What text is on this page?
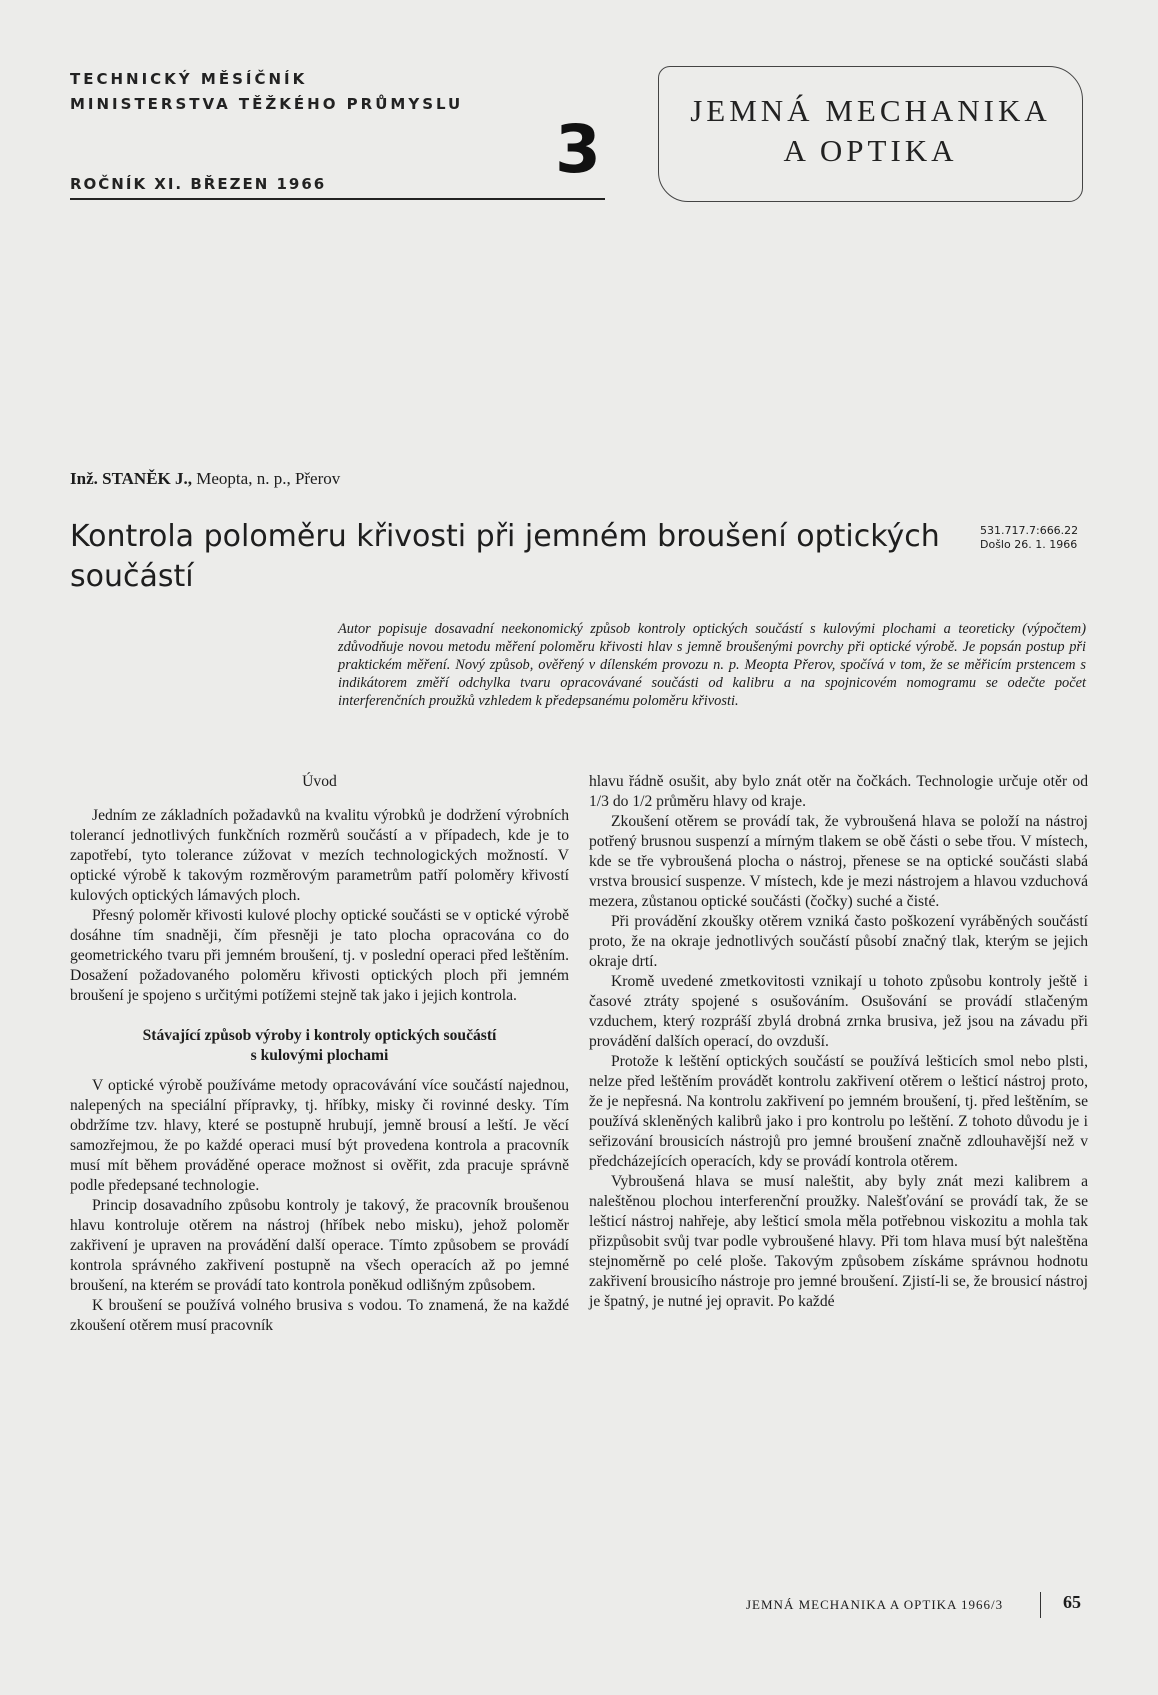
TECHNICKÝ MĚSÍČNÍK
MINISTERSTVA TĚŽKÉHO PRŮMYSLU
ROČNÍK XI. BŘEZEN 1966	3
JEMNÁ MECHANIKA
A OPTIKA
Inž. STANĚK J., Meopta, n. p., Přerov
Kontrola poloměru křivosti při jemném broušení optických součástí
531.717.7:666.22
Došlo 26. 1. 1966

Autor popisuje dosavadní neekonomický způsob kontroly optických součástí s kulovými plochami a teoreticky (výpočtem) zdůvodňuje novou metodu měření poloměru křivosti hlav s jemně broušenými povrchy při optické výrobě. Je popsán postup při praktickém měření. Nový způsob, ověřený v dílenském provozu n. p. Meopta Přerov, spočívá v tom, že se měřicím prstencem s indikátorem změří odchylka tvaru opracovávané součásti od kalibru a na spojnicovém nomogramu se odečte počet interferenčních proužků vzhledem k předepsanému poloměru křivosti.

Úvod

Jedním ze základních požadavků na kvalitu výrobků je dodržení výrobních tolerancí jednotlivých funkčních rozměrů součástí a v případech, kde je to zapotřebí, tyto tolerance zúžovat v mezích technologických možností. V optické výrobě k takovým rozměrovým parametrům patří poloměry křivostí kulových optických lámavých ploch.

Přesný poloměr křivosti kulové plochy optické součásti se v optické výrobě dosáhne tím snadněji, čím přesněji je tato plocha opracována co do geometrického tvaru při jemném broušení, tj. v poslední operaci před leštěním. Dosažení požadovaného poloměru křivosti optických ploch při jemném broušení je spojeno s určitými potížemi stejně tak jako i jejich kontrola.

Stávající způsob výroby i kontroly optických součástí
s kulovými plochami

V optické výrobě používáme metody opracovávání více součástí najednou, nalepených na speciální přípravky, tj. hříbky, misky či rovinné desky. Tím obdržíme tzv. hlavy, které se postupně hrubují, jemně brousí a leští. Je věcí samozřejmou, že po každé operaci musí být provedena kontrola a pracovník musí mít během prováděné operace možnost si ověřit, zda pracuje správně podle předepsané technologie.

Princip dosavadního způsobu kontroly je takový, že pracovník broušenou hlavu kontroluje otěrem na nástroj (hříbek nebo misku), jehož poloměr zakřivení je upraven na provádění další operace. Tímto způsobem se provádí kontrola správného zakřivení postupně na všech operacích až po jemné broušení, na kterém se provádí tato kontrola poněkud odlišným způsobem.

K broušení se používá volného brusiva s vodou. To znamená, že na každé zkoušení otěrem musí pracovník

hlavu řádně osušit, aby bylo znát otěr na čočkách. Technologie určuje otěr od 1/3 do 1/2 průměru hlavy od kraje.

Zkoušení otěrem se provádí tak, že vybroušená hlava se položí na nástroj potřený brusnou suspenzí a mírným tlakem se obě části o sebe třou. V místech, kde se tře vybroušená plocha o nástroj, přenese se na optické součásti slabá vrstva brousicí suspenze. V místech, kde je mezi nástrojem a hlavou vzduchová mezera, zůstanou optické součásti (čočky) suché a čisté.

Při provádění zkoušky otěrem vzniká často poškození vyráběných součástí proto, že na okraje jednotlivých součástí působí značný tlak, kterým se jejich okraje drtí.

Kromě uvedené zmetkovitosti vznikají u tohoto způsobu kontroly ještě i časové ztráty spojené s osušováním. Osušování se provádí stlačeným vzduchem, který rozpráší zbylá drobná zrnka brusiva, jež jsou na závadu při provádění dalších operací, do ovzduší.

Protože k leštění optických součástí se používá lešticích smol nebo plsti, nelze před leštěním provádět kontrolu zakřivení otěrem o lešticí nástroj proto, že je nepřesná. Na kontrolu zakřivení po jemném broušení, tj. před leštěním, se používá skleněných kalibrů jako i pro kontrolu po leštění. Z tohoto důvodu je i seřizování brousicích nástrojů pro jemné broušení značně zdlouhavější než v předcházejících operacích, kdy se provádí kontrola otěrem.

Vybroušená hlava se musí naleštit, aby byly znát mezi kalibrem a naleštěnou plochou interferenční proužky. Nalešťování se provádí tak, že se lešticí nástroj nahřeje, aby lešticí smola měla potřebnou viskozitu a mohla tak přizpůsobit svůj tvar podle vybroušené hlavy. Při tom hlava musí být naleštěna stejnoměrně po celé ploše. Takovým způsobem získáme správnou hodnotu zakřivení brousicího nástroje pro jemné broušení. Zjistí-li se, že brousicí nástroj je špatný, je nutné jej opravit. Po každé

JEMNÁ MECHANIKA A OPTIKA 1966/3	65
